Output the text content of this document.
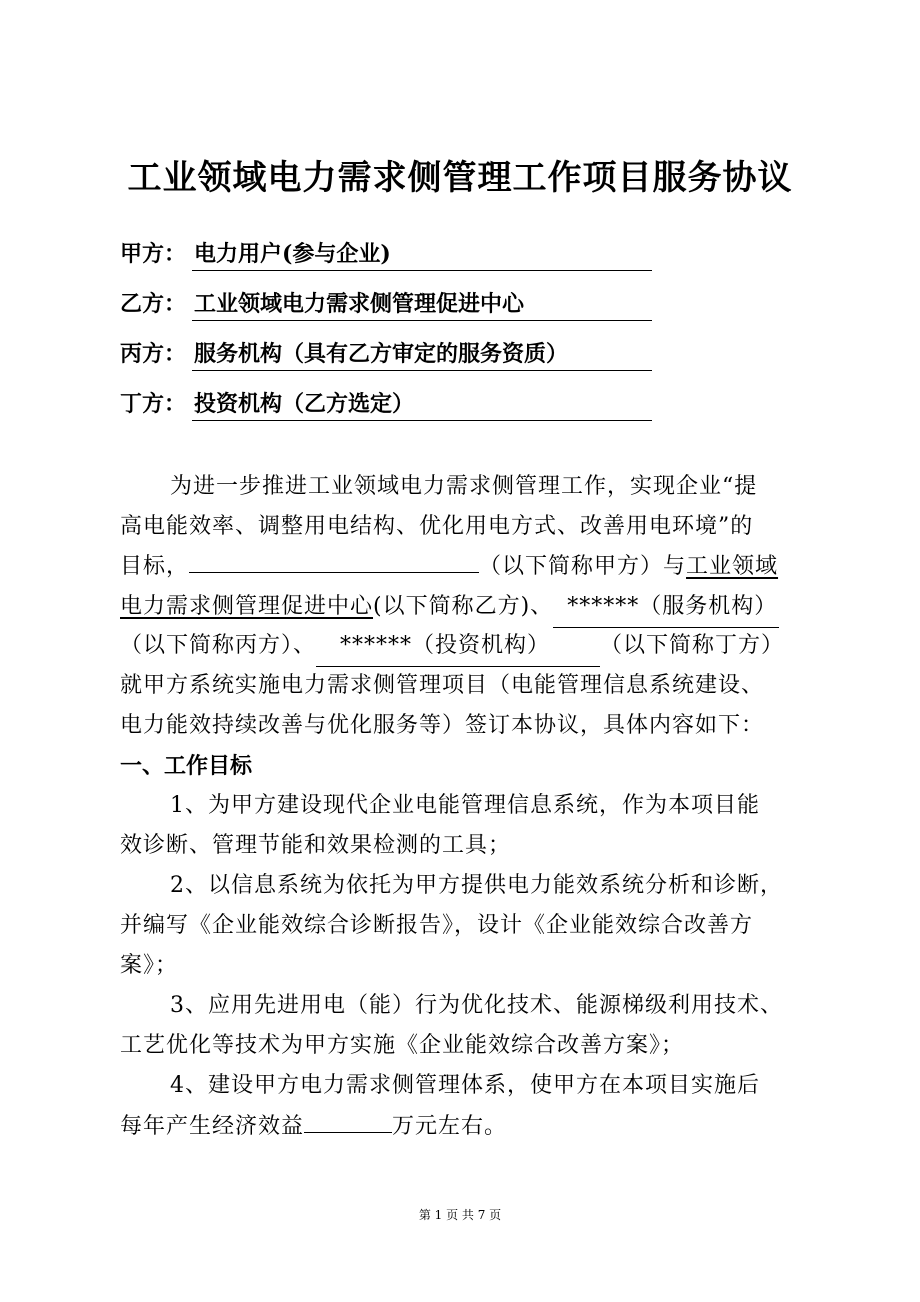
工业领域电力需求侧管理工作项目服务协议
甲方： 电力用户(参与企业)
乙方： 工业领域电力需求侧管理促进中心
丙方： 服务机构（具有乙方审定的服务资质）
丁方： 投资机构（乙方选定）
为进一步推进工业领域电力需求侧管理工作，实现企业“提
高电能效率、调整用电结构、优化用电方式、改善用电环境”的
目标，	（以下简称甲方）与工业领域
电力需求侧管理促进中心(以下简称乙方)、 ******（服务机构）
（以下简称丙方）、 ******（投资机构） （以下简称丁方）
就甲方系统实施电力需求侧管理项目（电能管理信息系统建设、
电力能效持续改善与优化服务等）签订本协议，具体内容如下：
一、工作目标
1、为甲方建设现代企业电能管理信息系统，作为本项目能
效诊断、管理节能和效果检测的工具；
2、以信息系统为依托为甲方提供电力能效系统分析和诊断，
并编写《企业能效综合诊断报告》，设计《企业能效综合改善方
案》；
3、应用先进用电（能）行为优化技术、能源梯级利用技术、
工艺优化等技术为甲方实施《企业能效综合改善方案》；
4、建设甲方电力需求侧管理体系，使甲方在本项目实施后
每年产生经济效益	万元左右。
第 1 页 共 7 页
